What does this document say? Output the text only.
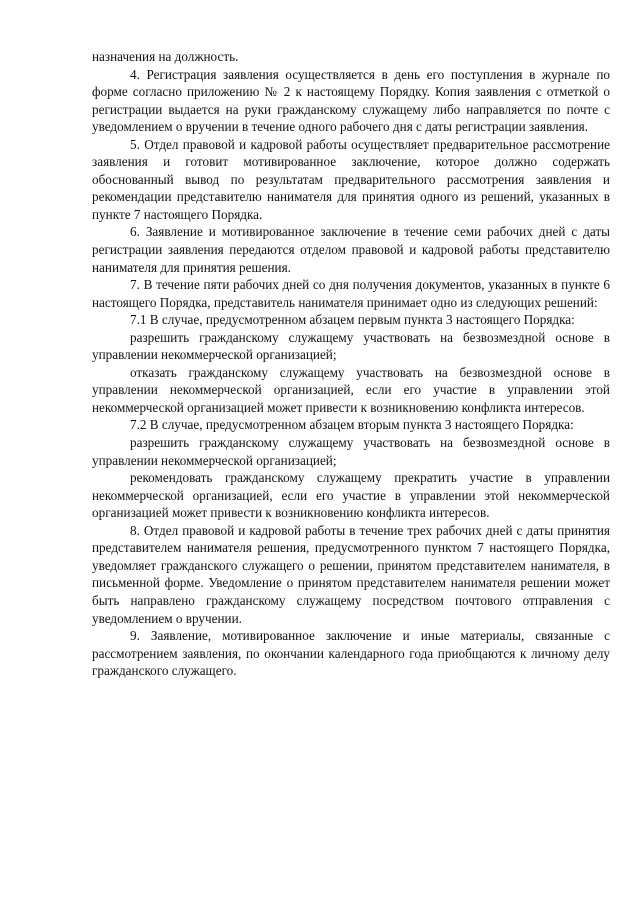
назначения на должность.

4. Регистрация заявления осуществляется в день его поступления в журнале по форме согласно приложению № 2 к настоящему Порядку. Копия заявления с отметкой о регистрации выдается на руки гражданскому служащему либо направляется по почте с уведомлением о вручении в течение одного рабочего дня с даты регистрации заявления.

5. Отдел правовой и кадровой работы осуществляет предварительное рассмотрение заявления и готовит мотивированное заключение, которое должно содержать обоснованный вывод по результатам предварительного рассмотрения заявления и рекомендации представителю нанимателя для принятия одного из решений, указанных в пункте 7 настоящего Порядка.

6. Заявление и мотивированное заключение в течение семи рабочих дней с даты регистрации заявления передаются отделом правовой и кадровой работы представителю нанимателя для принятия решения.

7. В течение пяти рабочих дней со дня получения документов, указанных в пункте 6 настоящего Порядка, представитель нанимателя принимает одно из следующих решений:

7.1 В случае, предусмотренном абзацем первым пункта 3 настоящего Порядка:

разрешить гражданскому служащему участвовать на безвозмездной основе в управлении некоммерческой организацией;

отказать гражданскому служащему участвовать на безвозмездной основе в управлении некоммерческой организацией, если его участие в управлении этой некоммерческой организацией может привести к возникновению конфликта интересов.

7.2 В случае, предусмотренном абзацем вторым пункта 3 настоящего Порядка:

разрешить гражданскому служащему участвовать на безвозмездной основе в управлении некоммерческой организацией;

рекомендовать гражданскому служащему прекратить участие в управлении некоммерческой организацией, если его участие в управлении этой некоммерческой организацией может привести к возникновению конфликта интересов.

8. Отдел правовой и кадровой работы в течение трех рабочих дней с даты принятия представителем нанимателя решения, предусмотренного пунктом 7 настоящего Порядка, уведомляет гражданского служащего о решении, принятом представителем нанимателя, в письменной форме. Уведомление о принятом представителем нанимателя решении может быть направлено гражданскому служащему посредством почтового отправления с уведомлением о вручении.

9. Заявление, мотивированное заключение и иные материалы, связанные с рассмотрением заявления, по окончании календарного года приобщаются к личному делу гражданского служащего.
